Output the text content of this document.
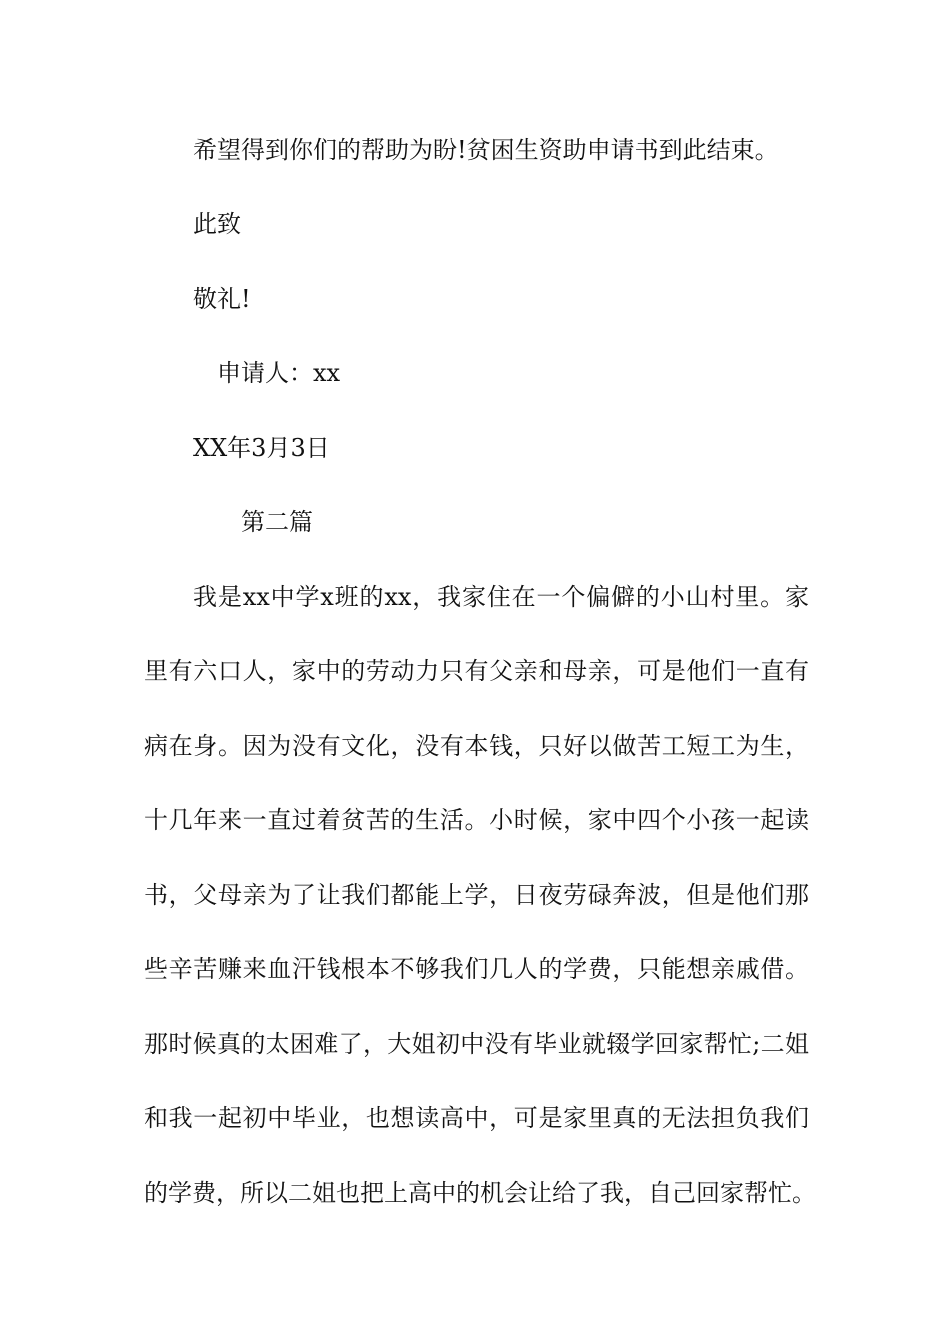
希望得到你们的帮助为盼!贫困生资助申请书到此结束。

此致

敬礼!

申请人：xx

XX年3月3日

第二篇

我是xx中学x班的xx，我家住在一个偏僻的小山村里。家

里有六口人，家中的劳动力只有父亲和母亲，可是他们一直有

病在身。因为没有文化，没有本钱，只好以做苦工短工为生，

十几年来一直过着贫苦的生活。小时候，家中四个小孩一起读

书，父母亲为了让我们都能上学，日夜劳碌奔波，但是他们那

些辛苦赚来血汗钱根本不够我们几人的学费，只能想亲戚借。

那时候真的太困难了，大姐初中没有毕业就辍学回家帮忙;二姐

和我一起初中毕业，也想读高中，可是家里真的无法担负我们

的学费，所以二姐也把上高中的机会让给了我，自己回家帮忙。
